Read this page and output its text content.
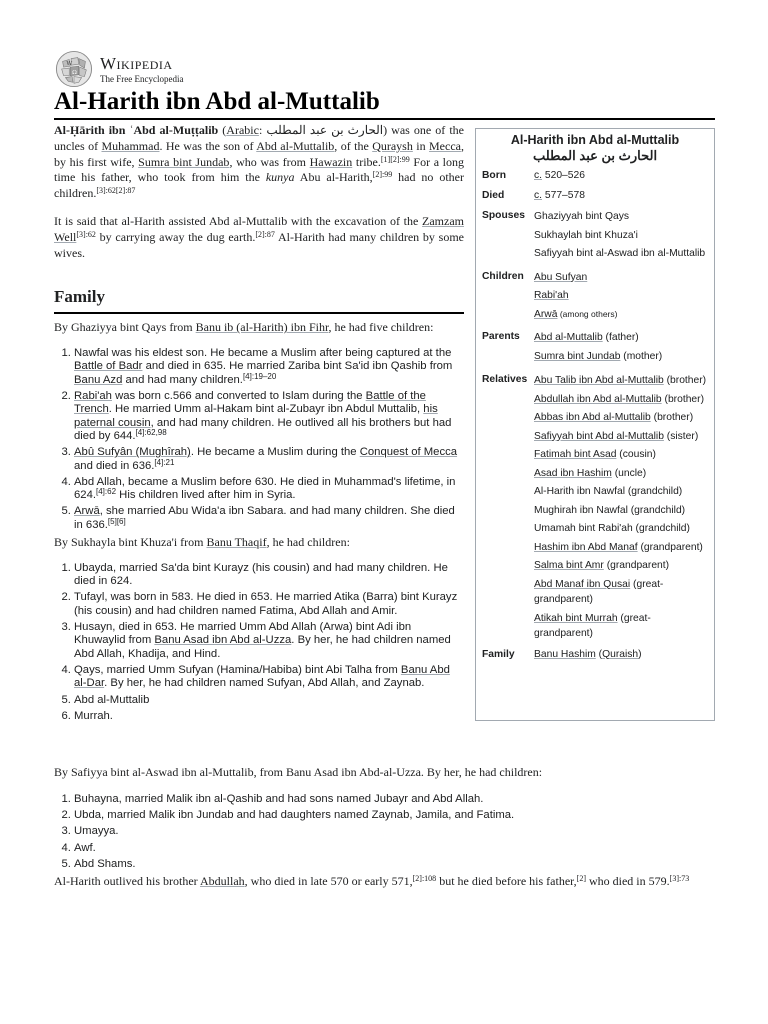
W
Ω
Wikipedia
The Free Encyclopedia
Al-Harith ibn Abd al-Muttalib

Al-Ḥārith ibn ʿAbd al-Muṭṭalib (Arabic: الحارث بن عبد المطلب) was one of the uncles of Muhammad. He was the son of Abd al-Muttalib, of the Quraysh in Mecca, by his first wife, Sumra bint Jundab, who was from Hawazin tribe.$^{[1][2]:99}$ For a long time his father, who took from him the kunya Abu al-Harith,$^{[2]:99}$ had no other children.$^{[3]:62[2]:87}$

It is said that al-Harith assisted Abd al-Muttalib with the excavation of the Zamzam Well$^{[3]:62}$ by carrying away the dug earth.$^{[2]:87}$ Al-Harith had many children by some wives.

Family

By Ghaziyya bint Qays from Banu ib (al-Harith) ibn Fihr, he had five children:

1. Nawfal was his eldest son. He became a Muslim after being captured at the Battle of Badr and died in 635. He married Zariba bint Sa'id ibn Qashib from Banu Azd and had many children.$^{[4]:19-20}$
2. Rabi'ah was born c.566 and converted to Islam during the Battle of the Trench. He married Umm al-Hakam bint al-Zubayr ibn Abdul Muttalib, his paternal cousin, and had many children. He outlived all his brothers but had died by 644.$^{[4]:62,98}$
3. Abû Sufyân (Mughîrah). He became a Muslim during the Conquest of Mecca and died in 636.$^{[4]:21}$
4. Abd Allah, became a Muslim before 630. He died in Muhammad's lifetime, in 624.$^{[4]:62}$ His children lived after him in Syria.
5. Arwā, she married Abu Wida'a ibn Sabara. and had many children. She died in 636.[5][6]

By Sukhayla bint Khuza'i from Banu Thaqif, he had children:

1. Ubayda, married Sa'da bint Kurayz (his cousin) and had many children. He died in 624.
2. Tufayl, was born in 583. He died in 653. He married Atika (Barra) bint Kurayz (his cousin) and had children named Fatima, Abd Allah and Amir.
3. Husayn, died in 653. He married Umm Abd Allah (Arwa) bint Adi ibn Khuwaylid from Banu Asad ibn Abd al-Uzza. By her, he had children named Abd Allah, Khadija, and Hind.
4. Qays, married Umm Sufyan (Hamina/Habiba) bint Abi Talha from Banu Abd al-Dar. By her, he had children named Sufyan, Abd Allah, and Zaynab.
5. Abd al-Muttalib
6. Murrah.

By Safiyya bint al-Aswad ibn al-Muttalib, from Banu Asad ibn Abd-al-Uzza. By her, he had children:

1. Buhayna, married Malik ibn al-Qashib and had sons named Jubayr and Abd Allah.
2. Ubda, married Malik ibn Jundab and had daughters named Zaynab, Jamila, and Fatima.
3. Umayya.
4. Awf.
5. Abd Shams.

Al-Harith outlived his brother Abdullah, who died in late 570 or early 571,$^{[2]:108}$ but he died before his father,[2] who died in 579.$^{[3]:73}$

Al-Harith ibn Abd al-Muttalib
الحارث بن عبد المطلب
Born	c. 520–526
Died	c. 577–578
Spouses Ghaziyyah bint Qays
Sukhaylah bint Khuza'i
Safiyyah bint al-Aswad ibn al-Muttalib
Children Abu Sufyan
Rabi'ah
Arwā (among others)
Parents	Abd al-Muttalib (father)
Sumra bint Jundab (mother)
Relatives Abu Talib ibn Abd al-Muttalib (brother)
Abdullah ibn Abd al-Muttalib (brother)
Abbas ibn Abd al-Muttalib (brother)
Safiyyah bint Abd al-Muttalib (sister)
Fatimah bint Asad (cousin)
Asad ibn Hashim (uncle)
Al-Harith ibn Nawfal (grandchild)
Mughirah ibn Nawfal (grandchild)
Umamah bint Rabi'ah (grandchild)
Hashim ibn Abd Manaf (grandparent)
Salma bint Amr (grandparent)
Abd Manaf ibn Qusai (great-grandparent)
Atikah bint Murrah (great-grandparent)
Family	Banu Hashim (Quraish)
